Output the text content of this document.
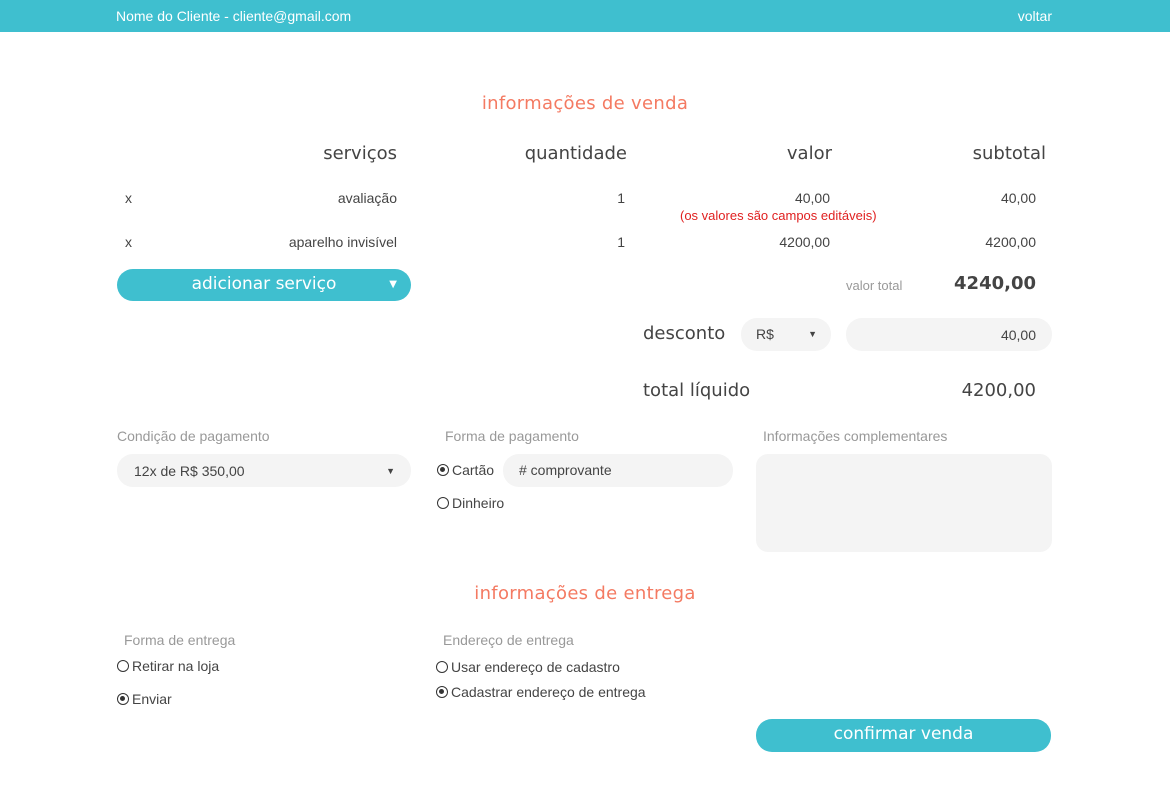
Nome do Cliente - cliente@gmail.com	voltar
informações de venda
serviços	quantidade	valor	subtotal
x	avaliação	1	40,00	40,00
(os valores são campos editáveis)
x	aparelho invisível	1	4200,00	4200,00
adicionar serviço	▼	valor total	4240,00
desconto R$	▼	40,00
total líquido	4200,00
Condição de pagamento
12x de R$ 350,00	▼
Forma de pagamento
Cartão # comprovante
Dinheiro
Informações complementares
informações de entrega
Forma de entrega
Retirar na loja
Enviar
Endereço de entrega
Usar endereço de cadastro
Cadastrar endereço de entrega
confirmar venda
